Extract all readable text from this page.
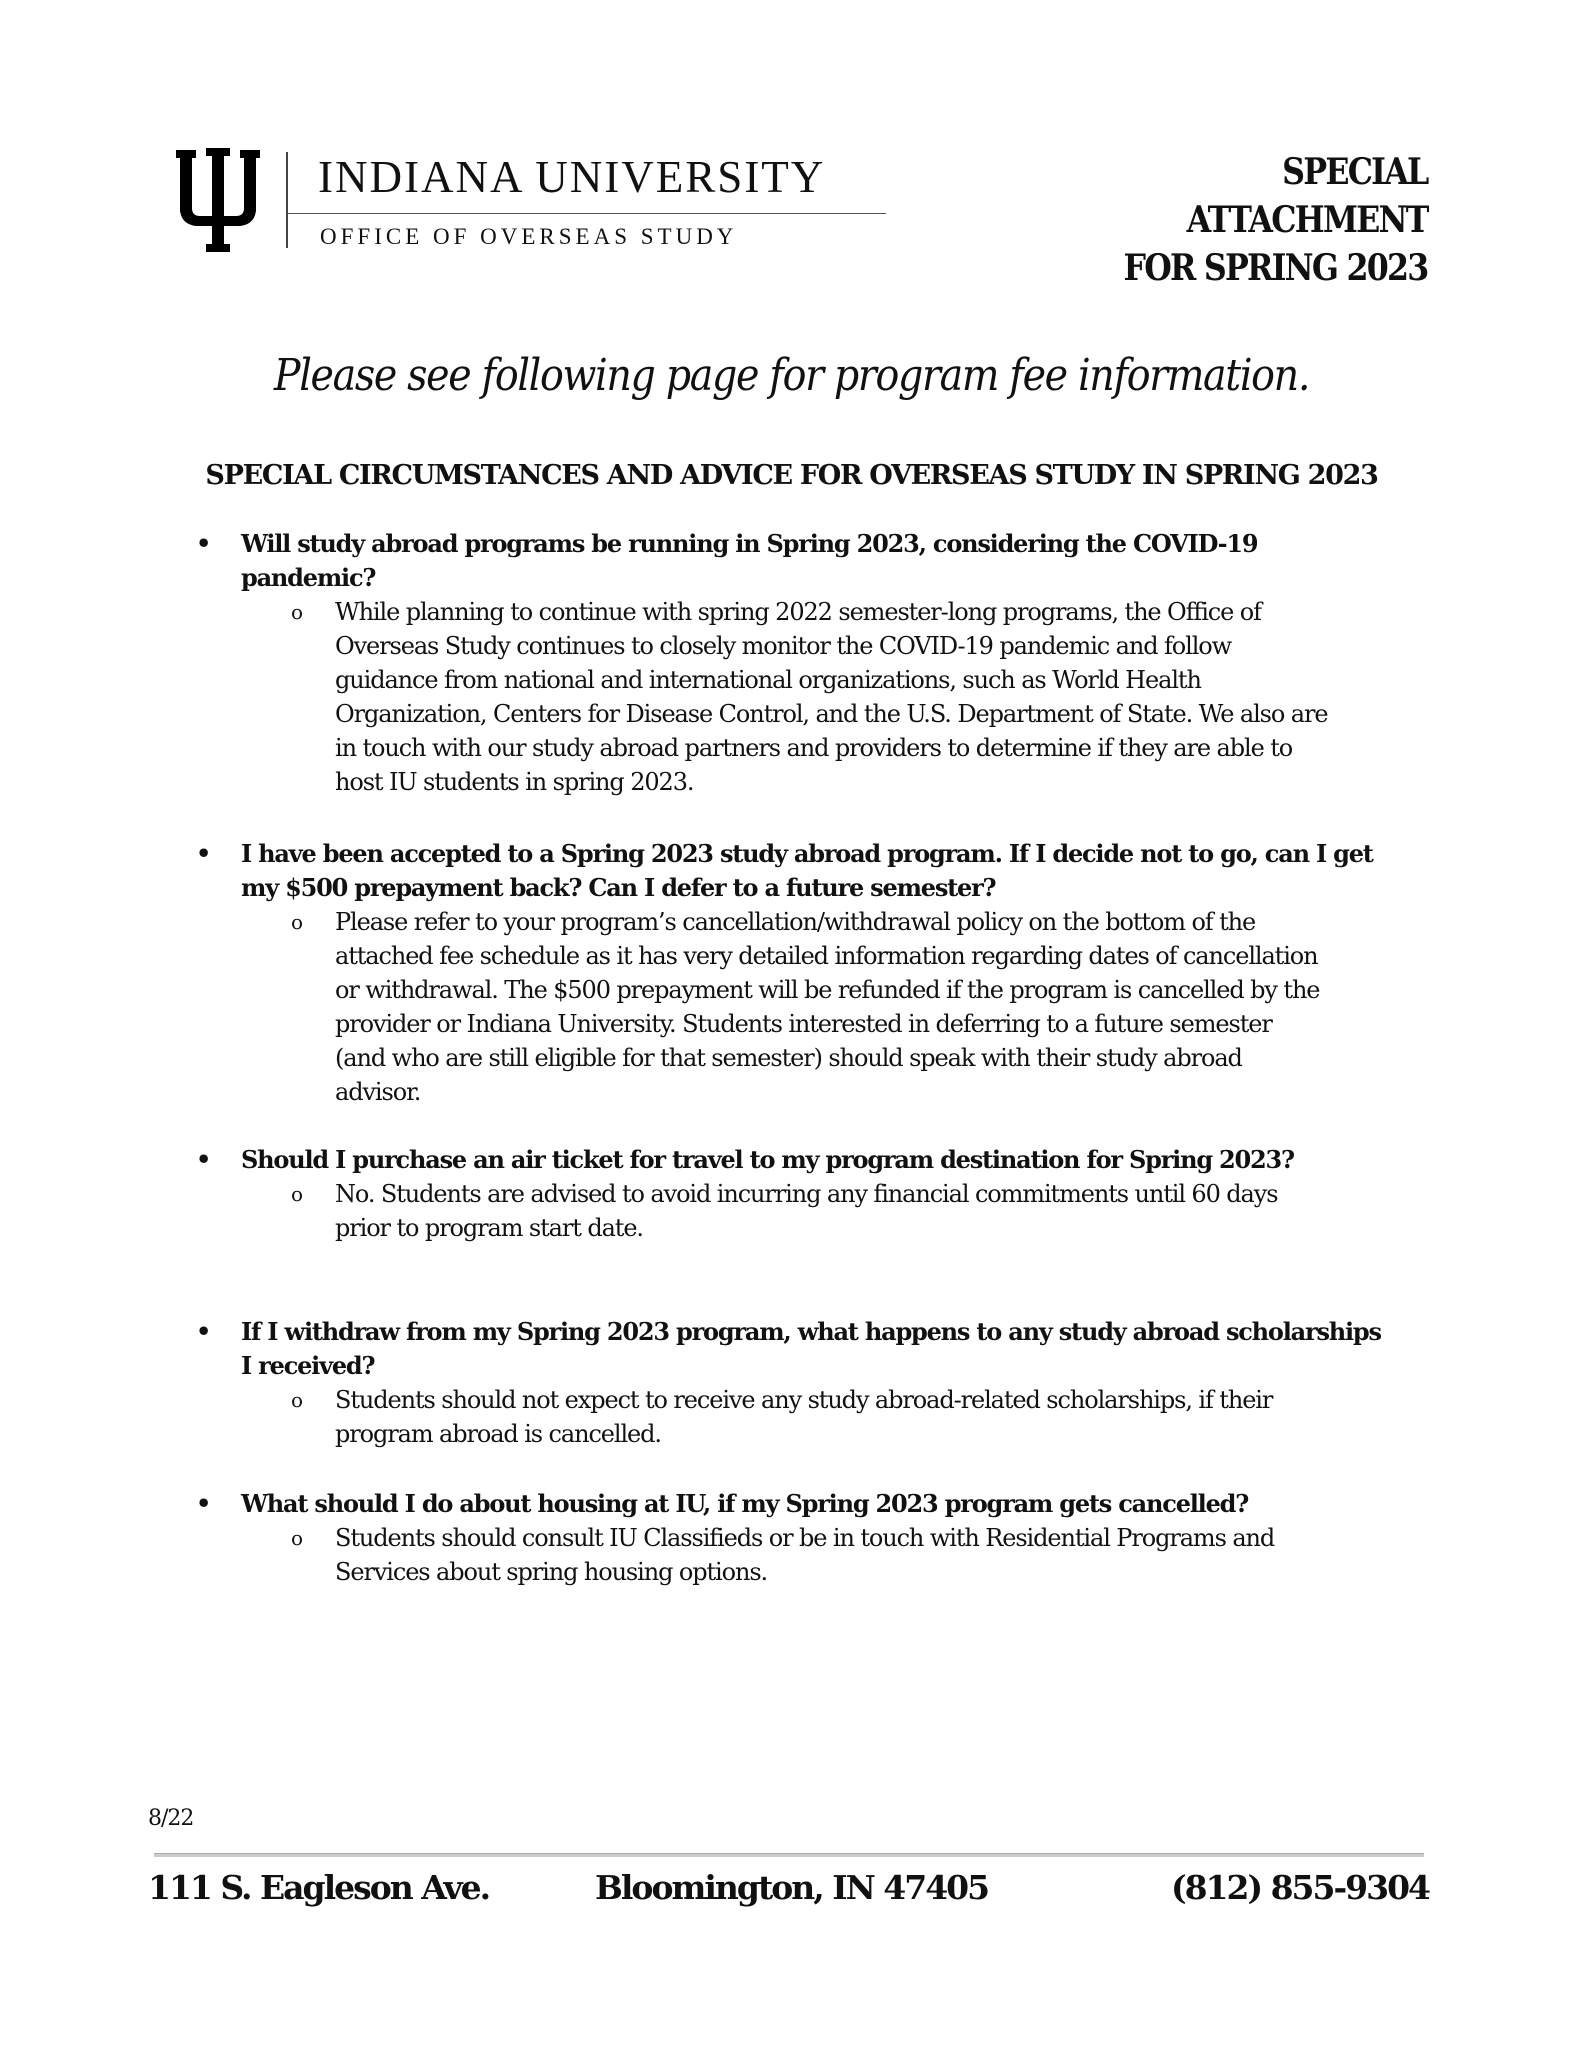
INDIANA UNIVERSITY
OFFICE OF OVERSEAS STUDY
SPECIAL
ATTACHMENT
FOR SPRING 2023
Please see following page for program fee information.
SPECIAL CIRCUMSTANCES AND ADVICE FOR OVERSEAS STUDY IN SPRING 2023
• Will study abroad programs be running in Spring 2023, considering the COVID-19
pandemic?
o While planning to continue with spring 2022 semester-long programs, the Office of
Overseas Study continues to closely monitor the COVID-19 pandemic and follow
guidance from national and international organizations, such as World Health
Organization, Centers for Disease Control, and the U.S. Department of State. We also are
in touch with our study abroad partners and providers to determine if they are able to
host IU students in spring 2023.
• I have been accepted to a Spring 2023 study abroad program. If I decide not to go, can I get
my $500 prepayment back? Can I defer to a future semester?
o Please refer to your program’s cancellation/withdrawal policy on the bottom of the
attached fee schedule as it has very detailed information regarding dates of cancellation
or withdrawal. The $500 prepayment will be refunded if the program is cancelled by the
provider or Indiana University. Students interested in deferring to a future semester
(and who are still eligible for that semester) should speak with their study abroad
advisor.
• Should I purchase an air ticket for travel to my program destination for Spring 2023?
o No. Students are advised to avoid incurring any financial commitments until 60 days
prior to program start date.
• If I withdraw from my Spring 2023 program, what happens to any study abroad scholarships
I received?
o Students should not expect to receive any study abroad-related scholarships, if their
program abroad is cancelled.
• What should I do about housing at IU, if my Spring 2023 program gets cancelled?
o Students should consult IU Classifieds or be in touch with Residential Programs and
Services about spring housing options.
8/22
111 S. Eagleson Ave.	Bloomington, IN 47405	(812) 855-9304
